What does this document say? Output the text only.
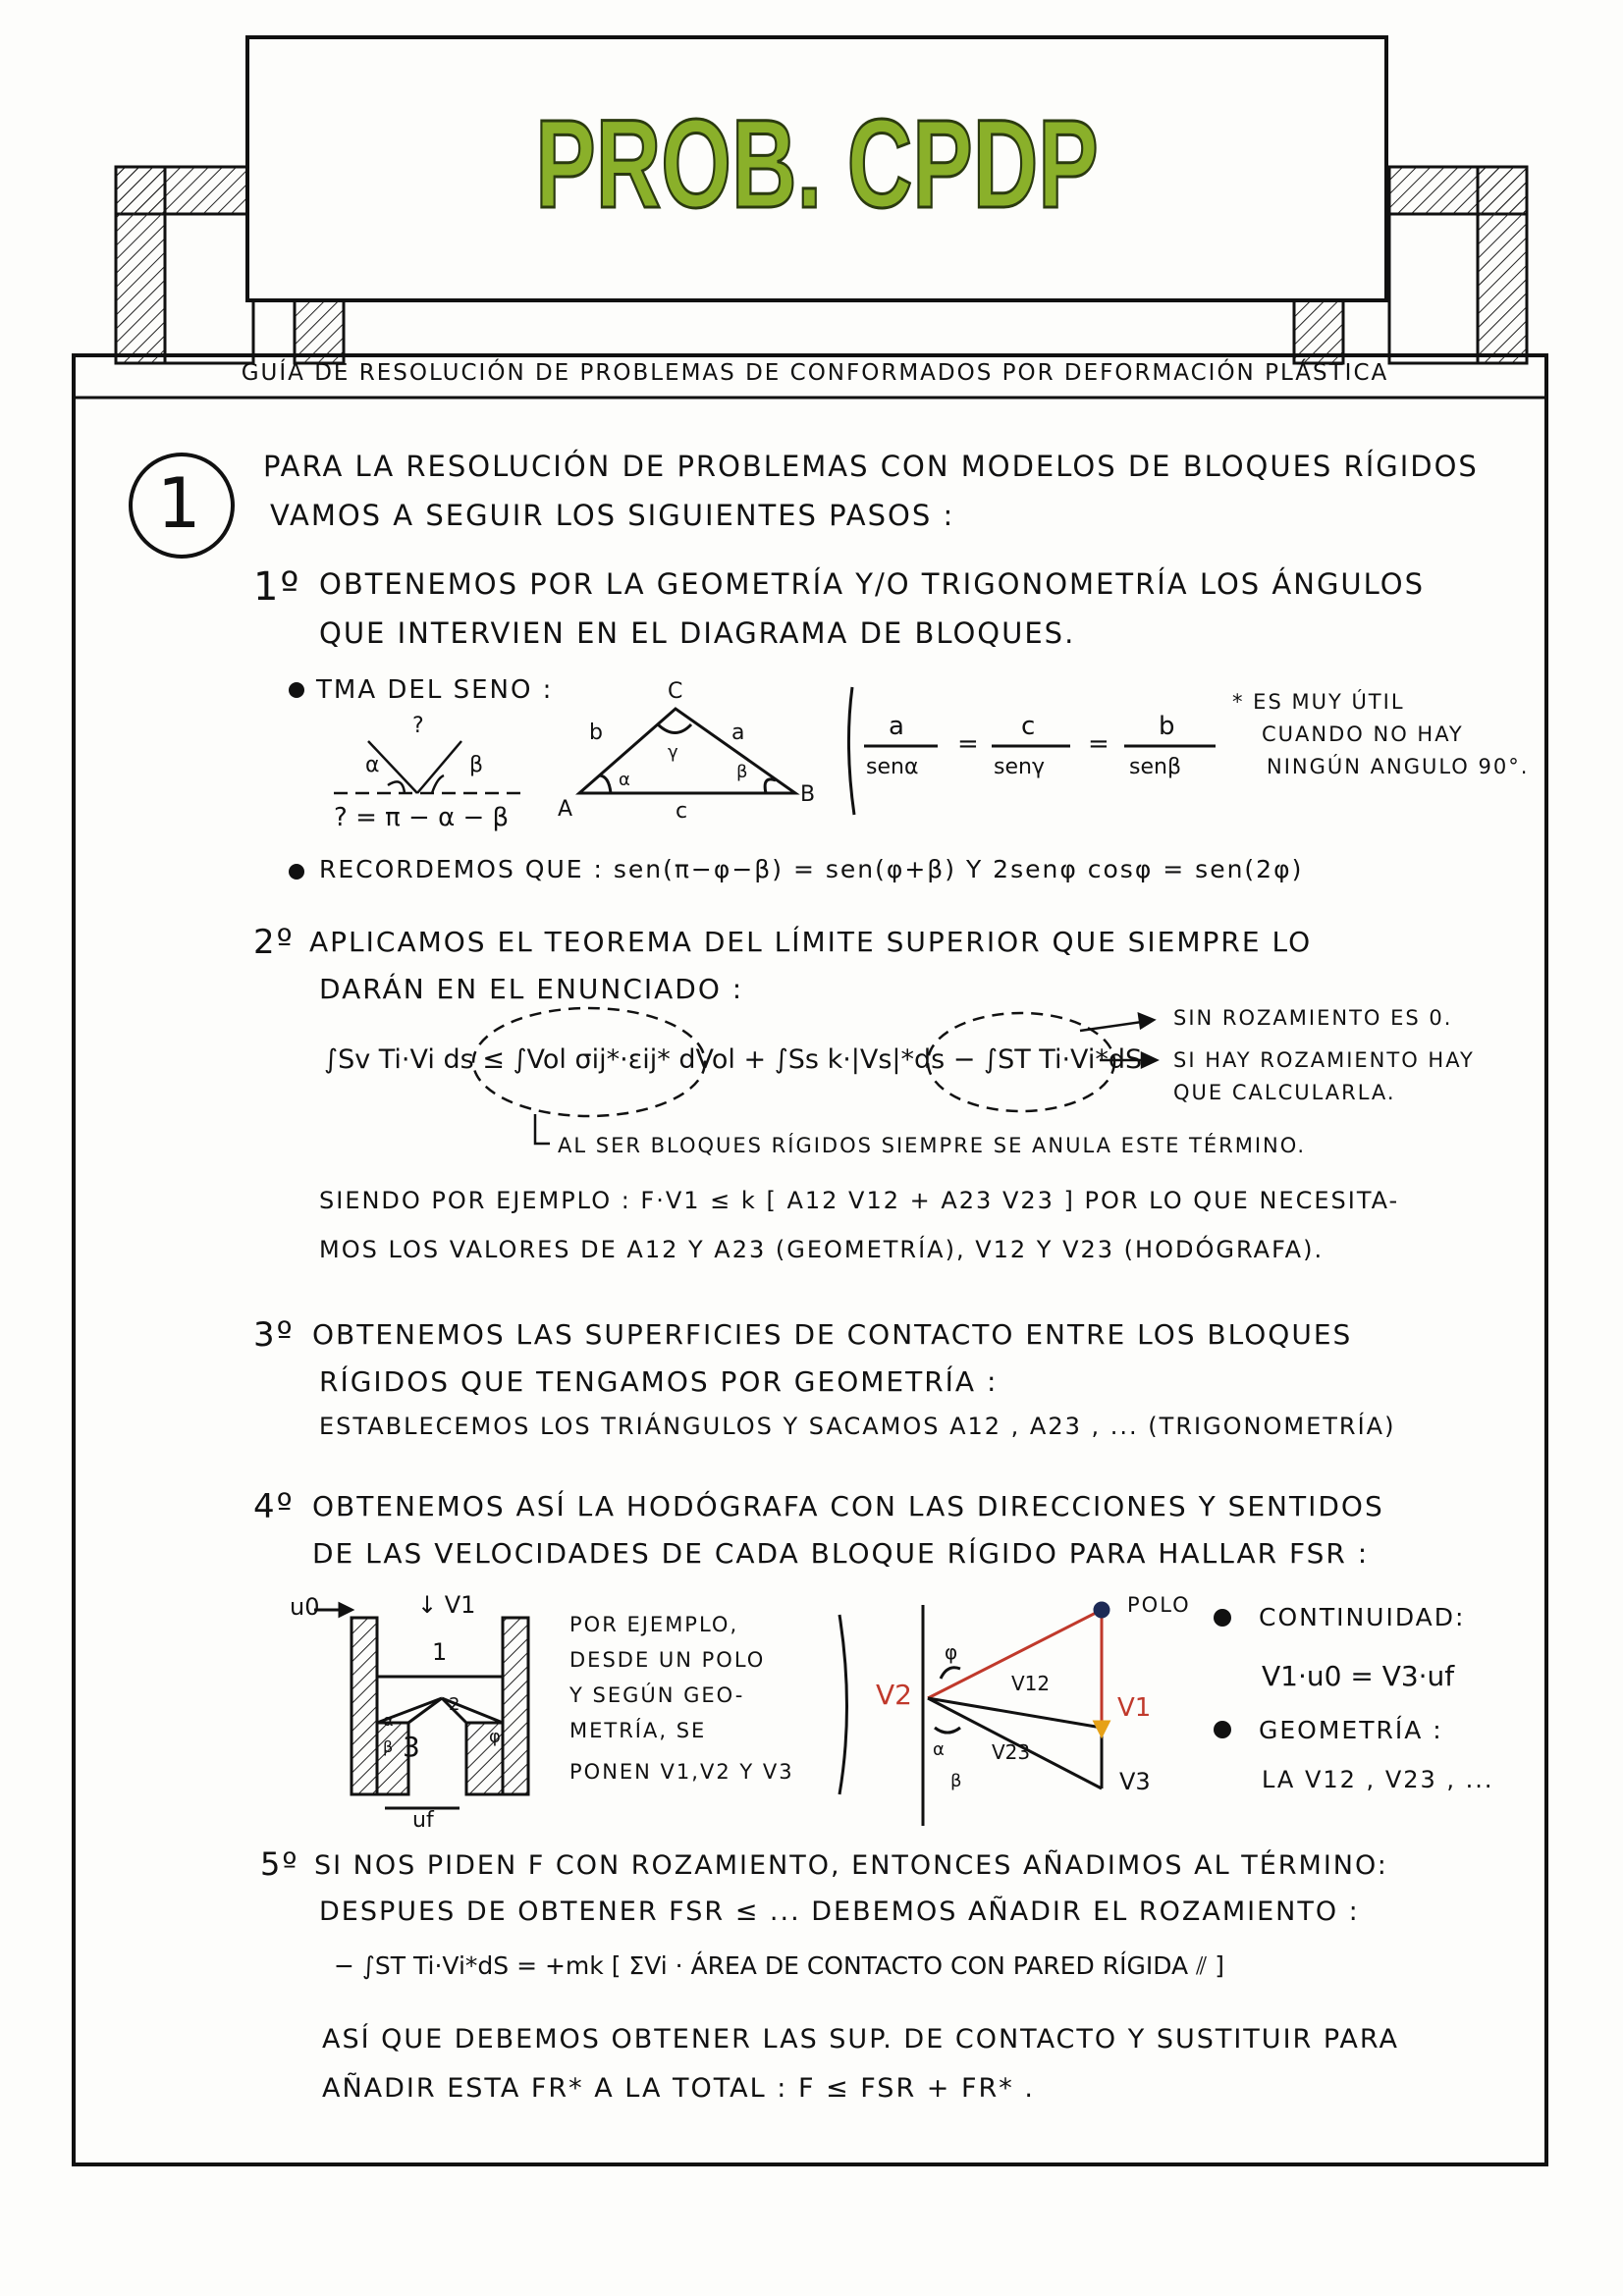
PROB. CPDP
GUÍA DE RESOLUCIÓN DE PROBLEMAS DE CONFORMADOS POR DEFORMACIÓN PLÁSTICA
1 PARA LA RESOLUCIÓN DE PROBLEMAS CON MODELOS DE BLOQUES RÍGIDOS
VAMOS A SEGUIR LOS SIGUIENTES PASOS :
1º OBTENEMOS POR LA GEOMETRÍA Y/O TRIGONOMETRÍA LOS ÁNGULOS
QUE INTERVIEN EN EL DIAGRAMA DE BLOQUES.
TMA DEL SENO :
?
α	β
? = π − α − β
C
A
B
b	a
c
γ
α	β
a
senα
=
c
senγ
=
b
senβ
* ES MUY ÚTIL
CUANDO NO HAY
NINGÚN ANGULO 90°.
RECORDEMOS QUE : sen(π−φ−β) = sen(φ+β) Y 2senφ cosφ = sen(2φ)
2º APLICAMOS EL TEOREMA DEL LÍMITE SUPERIOR QUE SIEMPRE LO
DARÁN EN EL ENUNCIADO :
∫Sv Ti·Vi ds ≤ ∫Vol σij*·εij* dVol + ∫Ss k·|Vs|*ds − ∫ST Ti·Vi*dS
SIN ROZAMIENTO ES 0.
SI HAY ROZAMIENTO HAY
QUE CALCULARLA.
AL SER BLOQUES RÍGIDOS SIEMPRE SE ANULA ESTE TÉRMINO.
SIENDO POR EJEMPLO : F·V1 ≤ k [ A12 V12 + A23 V23 ] POR LO QUE NECESITA-
MOS LOS VALORES DE A12 Y A23 (GEOMETRÍA), V12 Y V23 (HODÓGRAFA).
3º OBTENEMOS LAS SUPERFICIES DE CONTACTO ENTRE LOS BLOQUES
RÍGIDOS QUE TENGAMOS POR GEOMETRÍA :
ESTABLECEMOS LOS TRIÁNGULOS Y SACAMOS A12 , A23 , ... (TRIGONOMETRÍA)
4º OBTENEMOS ASÍ LA HODÓGRAFA CON LAS DIRECCIONES Y SENTIDOS
DE LAS VELOCIDADES DE CADA BLOQUE RÍGIDO PARA HALLAR FSR :
u0	↓ V1
1
2
3
α
β	φ
uf
POR EJEMPLO,
DESDE UN POLO
Y SEGÚN GEO-
METRÍA, SE
PONEN V1,V2 Y V3
POLO
V2	V1
V3
V12
V23
φ
α
β
CONTINUIDAD:
V1·u0 = V3·uf
GEOMETRÍA :
LA V12 , V23 , ...
5º SI NOS PIDEN F CON ROZAMIENTO, ENTONCES AÑADIMOS AL TÉRMINO:
DESPUES DE OBTENER FSR ≤ ... DEBEMOS AÑADIR EL ROZAMIENTO :
− ∫ST Ti·Vi*dS = +mk [ ΣVi · ÁREA DE CONTACTO CON PARED RÍGIDA ⫽ ]
ASÍ QUE DEBEMOS OBTENER LAS SUP. DE CONTACTO Y SUSTITUIR PARA
AÑADIR ESTA FR* A LA TOTAL : F ≤ FSR + FR* .
